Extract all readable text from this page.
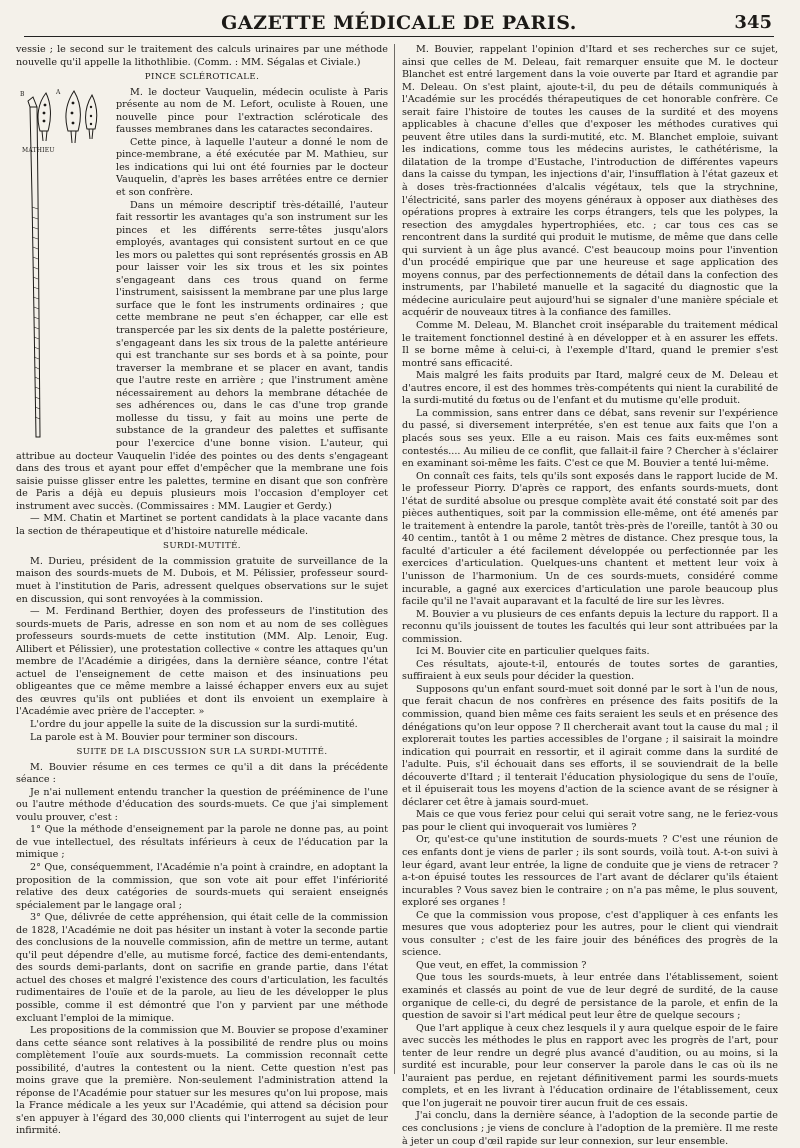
GAZETTE MÉDICALE DE PARIS.	345

vessie ; le second sur le traitement des calculs urinaires par une méthode nouvelle qu'il appelle la lithothlibie. (Comm. : MM. Ségalas et Civiale.)

PINCE SCLÉROTICALE.
B	A
MATHIEU

M. le docteur Vauquelin, médecin oculiste à Paris présente au nom de M. Lefort, oculiste à Rouen, une nouvelle pince pour l'extraction scléroticale des fausses membranes dans les cataractes secondaires.

Cette pince, à laquelle l'auteur a donné le nom de pince-membrane, a été exécutée par M. Mathieu, sur les indications qui lui ont été fournies par le docteur Vauquelin, d'après les bases arrêtées entre ce dernier et son confrère.

Dans un mémoire descriptif très-détaillé, l'auteur fait ressortir les avantages qu'a son instrument sur les pinces et les différents serre-têtes jusqu'alors employés, avantages qui consistent surtout en ce que les mors ou palettes qui sont représentés grossis en AB pour laisser voir les six trous et les six pointes s'engageant dans ces trous quand on ferme l'instrument, saisissent la membrane par une plus large surface que le font les instruments ordinaires ; que cette membrane ne peut s'en échapper, car elle est transpercée par les six dents de la palette postérieure, s'engageant dans les six trous de la palette antérieure qui est tranchante sur ses bords et à sa pointe, pour traverser la membrane et se placer en avant, tandis que l'autre reste en arrière ; que l'instrument amène nécessairement au dehors la membrane détachée de ses adhérences ou, dans le cas d'une trop grande mollesse du tissu, y fait au moins une perte de substance de la grandeur des palettes et suffisante pour l'exercice d'une bonne vision. L'auteur, qui attribue au docteur Vauquelin l'idée des pointes ou des dents s'engageant dans des trous et ayant pour effet d'empêcher que la membrane une fois saisie puisse glisser entre les palettes, termine en disant que son confrère de Paris a déjà eu depuis plusieurs mois l'occasion d'employer cet instrument avec succès. (Commissaires : MM. Laugier et Gerdy.)

— MM. Chatin et Martinet se portent candidats à la place vacante dans la section de thérapeutique et d'histoire naturelle médicale.

SURDI-MUTITÉ.

M. Durieu, président de la commission gratuite de surveillance de la maison des sourds-muets de M. Dubois, et M. Pélissier, professeur sourd-muet à l'institution de Paris, adressent quelques observations sur le sujet en discussion, qui sont renvoyées à la commission.

— M. Ferdinand Berthier, doyen des professeurs de l'institution des sourds-muets de Paris, adresse en son nom et au nom de ses collègues professeurs sourds-muets de cette institution (MM. Alp. Lenoir, Eug. Allibert et Pélissier), une protestation collective « contre les attaques qu'un membre de l'Académie a dirigées, dans la dernière séance, contre l'état actuel de l'enseignement de cette maison et des insinuations peu obligeantes que ce même membre a laissé échapper envers eux au sujet des œuvres qu'ils ont publiées et dont ils envoient un exemplaire à l'Académie avec prière de l'accepter. »

L'ordre du jour appelle la suite de la discussion sur la surdi-mutité.

La parole est à M. Bouvier pour terminer son discours.

SUITE DE LA DISCUSSION SUR LA SURDI-MUTITÉ.

M. Bouvier résume en ces termes ce qu'il a dit dans la précédente séance :

Je n'ai nullement entendu trancher la question de prééminence de l'une ou l'autre méthode d'éducation des sourds-muets. Ce que j'ai simplement voulu prouver, c'est :

1° Que la méthode d'enseignement par la parole ne donne pas, au point de vue intellectuel, des résultats inférieurs à ceux de l'éducation par la mimique ;

2° Que, conséquemment, l'Académie n'a point à craindre, en adoptant la proposition de la commission, que son vote ait pour effet l'infériorité relative des deux catégories de sourds-muets qui seraient enseignés spécialement par le langage oral ;

3° Que, délivrée de cette appréhension, qui était celle de la commission de 1828, l'Académie ne doit pas hésiter un instant à voter la seconde partie des conclusions de la nouvelle commission, afin de mettre un terme, autant qu'il peut dépendre d'elle, au mutisme forcé, factice des demi-entendants, des sourds demi-parlants, dont on sacrifie en grande partie, dans l'état actuel des choses et malgré l'existence des cours d'articulation, les facultés rudimentaires de l'ouïe et de la parole, au lieu de les développer le plus possible, comme il est démontré que l'on y parvient par une méthode excluant l'emploi de la mimique.

Les propositions de la commission que M. Bouvier se propose d'examiner dans cette séance sont relatives à la possibilité de rendre plus ou moins complètement l'ouïe aux sourds-muets. La commission reconnaît cette possibilité, d'autres la contestent ou la nient. Cette question n'est pas moins grave que la première. Non-seulement l'administration attend la réponse de l'Académie pour statuer sur les mesures qu'on lui propose, mais la France médicale a les yeux sur l'Académie, qui attend sa décision pour s'en appuyer à l'égard des 30,000 clients qui l'interrogent au sujet de leur infirmité.

M. Bouvier, rappelant l'opinion d'Itard et ses recherches sur ce sujet, ainsi que celles de M. Deleau, fait remarquer ensuite que M. le docteur Blanchet est entré largement dans la voie ouverte par Itard et agrandie par M. Deleau. On s'est plaint, ajoute-t-il, du peu de détails communiqués à l'Académie sur les procédés thérapeutiques de cet honorable confrère. Ce serait faire l'histoire de toutes les causes de la surdité et des moyens applicables à chacune d'elles que d'exposer les méthodes curatives qui peuvent être utiles dans la surdi-mutité, etc. M. Blanchet emploie, suivant les indications, comme tous les médecins auristes, le cathétérisme, la dilatation de la trompe d'Eustache, l'introduction de différentes vapeurs dans la caisse du tympan, les injections d'air, l'insufflation à l'état gazeux et à doses très-fractionnées d'alcalis végétaux, tels que la strychnine, l'électricité, sans parler des moyens généraux à opposer aux diathèses des opérations propres à extraire les corps étrangers, tels que les polypes, la resection des amygdales hypertrophiées, etc. ; car tous ces cas se rencontrent dans la surdité qui produit le mutisme, de même que dans celle qui survient à un âge plus avancé. C'est beaucoup moins pour l'invention d'un procédé empirique que par une heureuse et sage application des moyens connus, par des perfectionnements de détail dans la confection des instruments, par l'habileté manuelle et la sagacité du diagnostic que la médecine auriculaire peut aujourd'hui se signaler d'une manière spéciale et acquérir de nouveaux titres à la confiance des familles.

Comme M. Deleau, M. Blanchet croit inséparable du traitement médical le traitement fonctionnel destiné à en développer et à en assurer les effets. Il se borne même à celui-ci, à l'exemple d'Itard, quand le premier s'est montré sans efficacité.

Mais malgré les faits produits par Itard, malgré ceux de M. Deleau et d'autres encore, il est des hommes très-compétents qui nient la curabilité de la surdi-mutité du fœtus ou de l'enfant et du mutisme qu'elle produit.

La commission, sans entrer dans ce débat, sans revenir sur l'expérience du passé, si diversement interprétée, s'en est tenue aux faits que l'on a placés sous ses yeux. Elle a eu raison. Mais ces faits eux-mêmes sont contestés.... Au milieu de ce conflit, que fallait-il faire ? Chercher à s'éclairer en examinant soi-même les faits. C'est ce que M. Bouvier a tenté lui-même.

On connaît ces faits, tels qu'ils sont exposés dans le rapport lucide de M. le professeur Piorry. D'après ce rapport, des enfants sourds-muets, dont l'état de surdité absolue ou presque complète avait été constaté soit par des pièces authentiques, soit par la commission elle-même, ont été amenés par le traitement à entendre la parole, tantôt très-près de l'oreille, tantôt à 30 ou 40 centim., tantôt à 1 ou même 2 mètres de distance. Chez presque tous, la faculté d'articuler a été facilement développée ou perfectionnée par les exercices d'articulation. Quelques-uns chantent et mettent leur voix à l'unisson de l'harmonium. Un de ces sourds-muets, considéré comme incurable, a gagné aux exercices d'articulation une parole beaucoup plus facile qu'il ne l'avait auparavant et la faculté de lire sur les lèvres.

M. Bouvier a vu plusieurs de ces enfants depuis la lecture du rapport. Il a reconnu qu'ils jouissent de toutes les facultés qui leur sont attribuées par la commission.

Ici M. Bouvier cite en particulier quelques faits.

Ces résultats, ajoute-t-il, entourés de toutes sortes de garanties, suffiraient à eux seuls pour décider la question.

Supposons qu'un enfant sourd-muet soit donné par le sort à l'un de nous, que ferait chacun de nos confrères en présence des faits positifs de la commission, quand bien même ces faits seraient les seuls et en présence des dénégations qu'on leur oppose ? Il chercherait avant tout la cause du mal ; il explorerait toutes les parties accessibles de l'organe ; il saisirait la moindre indication qui pourrait en ressortir, et il agirait comme dans la surdité de l'adulte. Puis, s'il échouait dans ses efforts, il se souviendrait de la belle découverte d'Itard ; il tenterait l'éducation physiologique du sens de l'ouïe, et il épuiserait tous les moyens d'action de la science avant de se résigner à déclarer cet être à jamais sourd-muet.

Mais ce que vous feriez pour celui qui serait votre sang, ne le feriez-vous pas pour le client qui invoquerait vos lumières ?

Or, qu'est-ce qu'une institution de sourds-muets ? C'est une réunion de ces enfants dont je viens de parler ; ils sont sourds, voilà tout. A-t-on suivi à leur égard, avant leur entrée, la ligne de conduite que je viens de retracer ? a-t-on épuisé toutes les ressources de l'art avant de déclarer qu'ils étaient incurables ? Vous savez bien le contraire ; on n'a pas même, le plus souvent, exploré ses organes !

Ce que la commission vous propose, c'est d'appliquer à ces enfants les mesures que vous adopteriez pour les autres, pour le client qui viendrait vous consulter ; c'est de les faire jouir des bénéfices des progrès de la science.

Que veut, en effet, la commission ?

Que tous les sourds-muets, à leur entrée dans l'établissement, soient examinés et classés au point de vue de leur degré de surdité, de la cause organique de celle-ci, du degré de persistance de la parole, et enfin de la question de savoir si l'art médical peut leur être de quelque secours ;

Que l'art applique à ceux chez lesquels il y aura quelque espoir de le faire avec succès les méthodes le plus en rapport avec les progrès de l'art, pour tenter de leur rendre un degré plus avancé d'audition, ou au moins, si la surdité est incurable, pour leur conserver la parole dans le cas où ils ne l'auraient pas perdue, en rejetant définitivement parmi les sourds-muets complets, et en les livrant à l'éducation ordinaire de l'établissement, ceux que l'on jugerait ne pouvoir tirer aucun fruit de ces essais.

J'ai conclu, dans la dernière séance, à l'adoption de la seconde partie de ces conclusions ; je viens de conclure à l'adoption de la première. Il me reste à jeter un coup d'œil rapide sur leur connexion, sur leur ensemble.
